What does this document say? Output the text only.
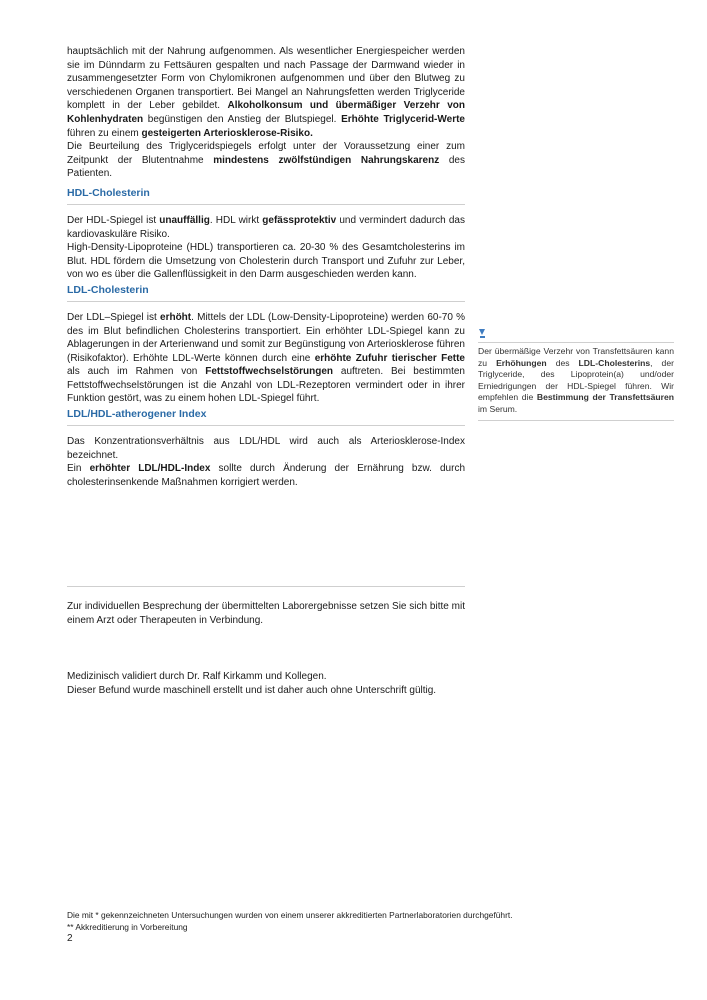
hauptsächlich mit der Nahrung aufgenommen. Als wesentlicher Energiespeicher werden sie im Dünndarm zu Fettsäuren gespalten und nach Passage der Darmwand wieder in zusammengesetzter Form von Chylomikronen aufgenommen und über den Blutweg zu verschiedenen Organen transportiert. Bei Mangel an Nahrungsfetten werden Triglyceride komplett in der Leber gebildet. Alkoholkonsum und übermäßiger Verzehr von Kohlenhydraten begünstigen den Anstieg der Blutspiegel. Erhöhte Triglycerid-Werte führen zu einem gesteigerten Arteriosklerose-Risiko.

Die Beurteilung des Triglyceridspiegels erfolgt unter der Voraussetzung einer zum Zeitpunkt der Blutentnahme mindestens zwölfstündigen Nahrungskarenz des Patienten.

HDL-Cholesterin

Der HDL-Spiegel ist unauffällig. HDL wirkt gefässprotektiv und vermindert dadurch das kardiovaskuläre Risiko.

High-Density-Lipoproteine (HDL) transportieren ca. 20-30 % des Gesamtcholesterins im Blut. HDL fördern die Umsetzung von Cholesterin durch Transport und Zufuhr zur Leber, von wo es über die Gallenflüssigkeit in den Darm ausgeschieden werden kann.

LDL-Cholesterin

Der LDL–Spiegel ist erhöht. Mittels der LDL (Low-Density-Lipoproteine) werden 60-70 % des im Blut befindlichen Cholesterins transportiert. Ein erhöhter LDL-Spiegel kann zu Ablagerungen in der Arterienwand und somit zur Begünstigung von Arteriosklerose führen (Risikofaktor). Erhöhte LDL-Werte können durch eine erhöhte Zufuhr tierischer Fette als auch im Rahmen von Fettstoffwechselstörungen auftreten. Bei bestimmten Fettstoffwechselstörungen ist die Anzahl von LDL-Rezeptoren vermindert oder in ihrer Funktion gestört, was zu einem hohen LDL-Spiegel führt.

LDL/HDL-atherogener Index

Das Konzentrationsverhältnis aus LDL/HDL wird auch als Arteriosklerose-Index bezeichnet.

Ein erhöhter LDL/HDL-Index sollte durch Änderung der Ernährung bzw. durch cholesterinsenkende Maßnahmen korrigiert werden.

Der übermäßige Verzehr von Transfettsäuren kann zu Erhöhungen des LDL-Cholesterins, der Triglyceride, des Lipoprotein(a) und/oder Erniedrigungen der HDL-Spiegel führen. Wir empfehlen die Bestimmung der Transfettsäuren im Serum.

Zur individuellen Besprechung der übermittelten Laborergebnisse setzen Sie sich bitte mit einem Arzt oder Therapeuten in Verbindung.

Medizinisch validiert durch Dr. Ralf Kirkamm und Kollegen.
Dieser Befund wurde maschinell erstellt und ist daher auch ohne Unterschrift gültig.
Die mit * gekennzeichneten Untersuchungen wurden von einem unserer akkreditierten Partnerlaboratorien durchgeführt.
** Akkreditierung in Vorbereitung
2
